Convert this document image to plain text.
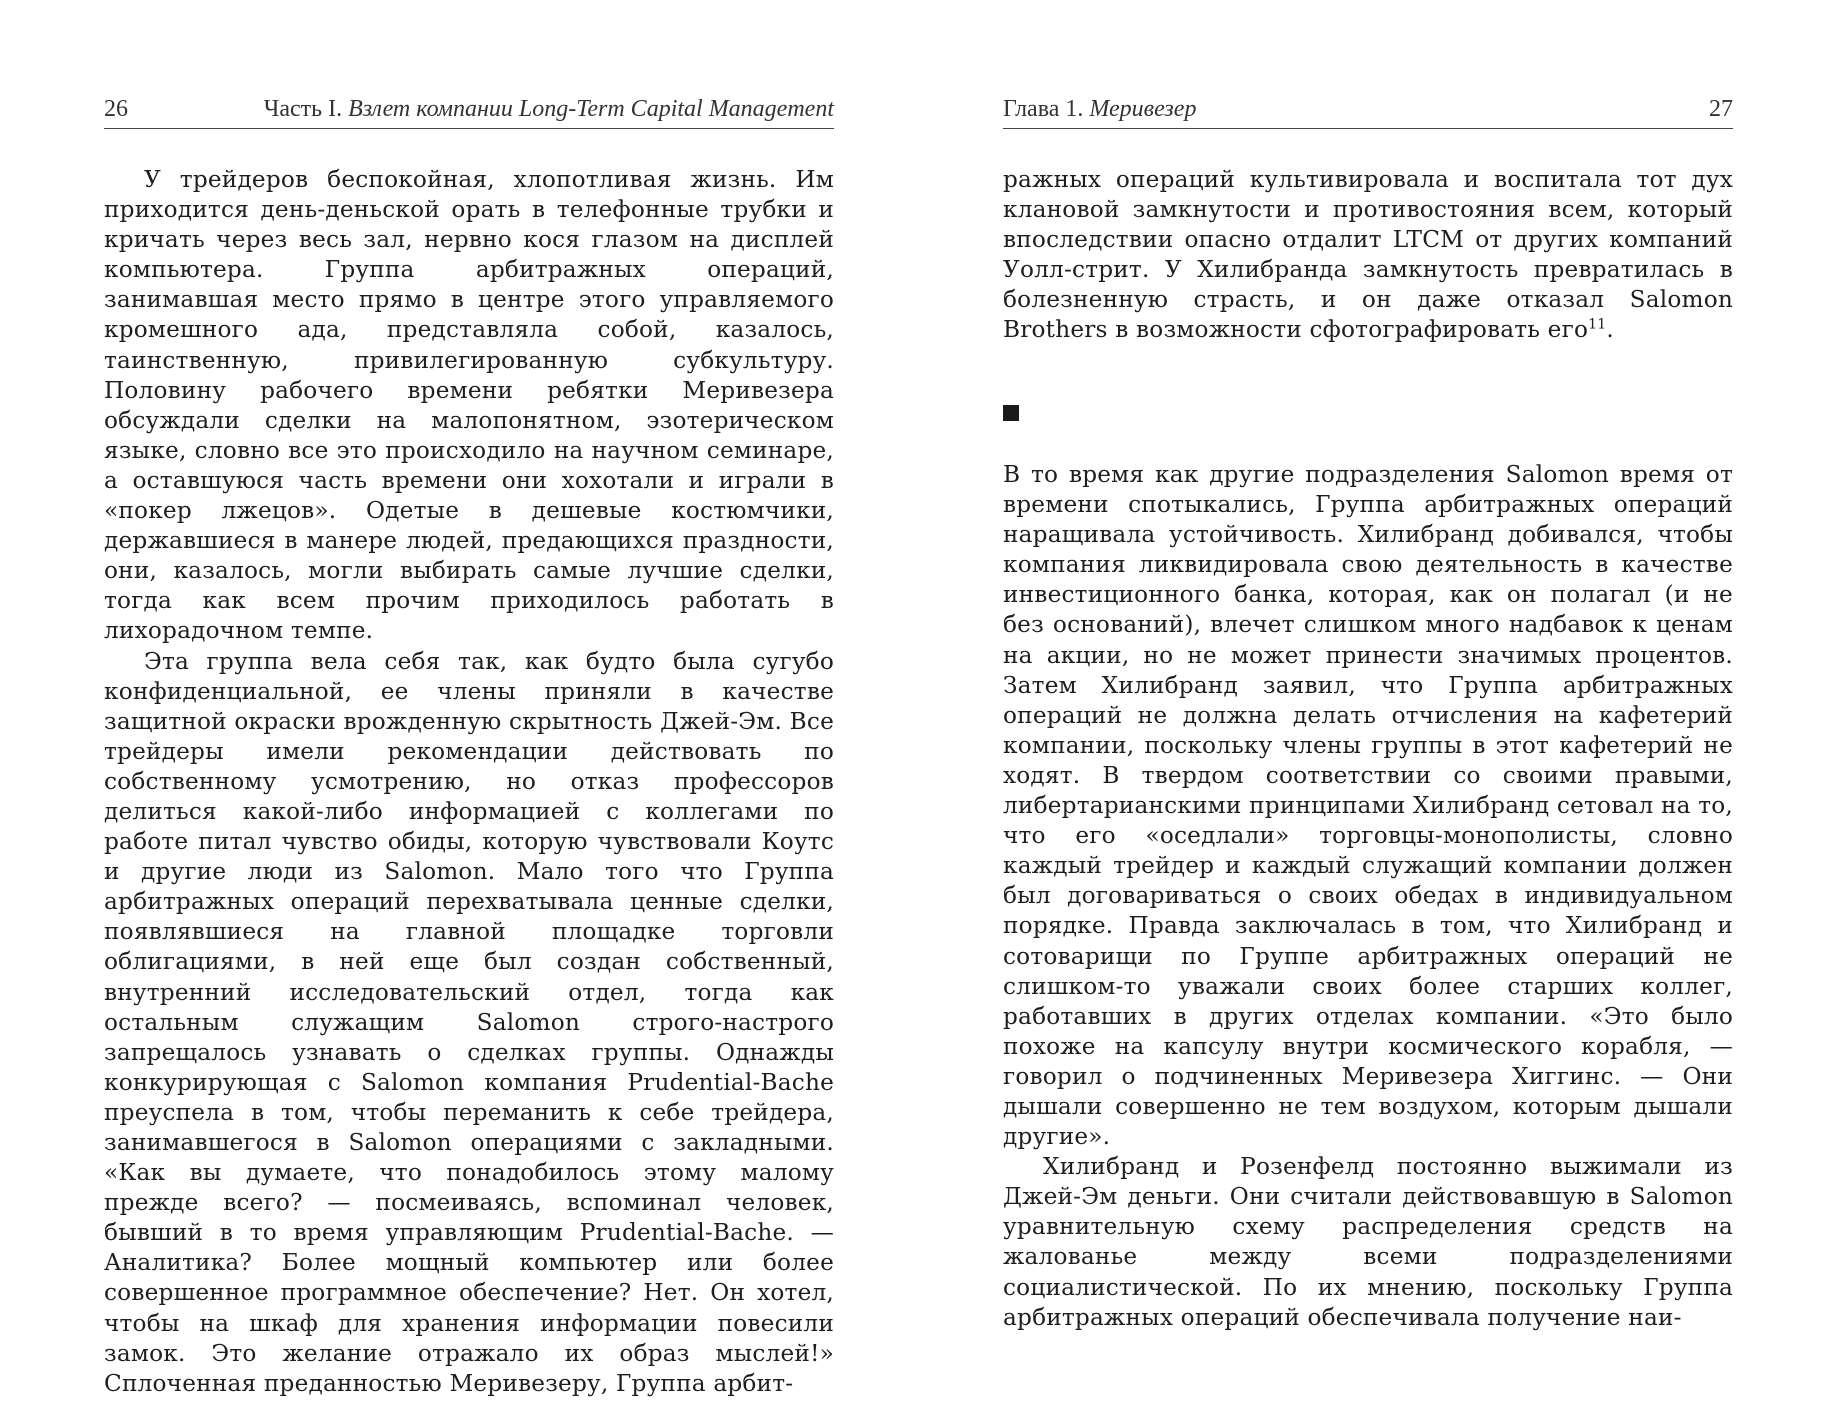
26	Часть I. Взлет компании Long-Term Capital Management

У трейдеров беспокойная, хлопотливая жизнь. Им приходится день-деньской орать в телефонные трубки и кричать через весь зал, нервно кося глазом на дисплей компьютера. Группа арбитражных операций, занимавшая место прямо в центре этого управляемого кромешного ада, представляла собой, казалось, таинственную, привилегированную субкультуру. Половину рабочего времени ребятки Меривезера обсуждали сделки на малопонятном, эзотерическом языке, словно все это происходило на научном семинаре, а оставшуюся часть времени они хохотали и играли в «покер лжецов». Одетые в дешевые костюмчики, державшиеся в манере людей, предающихся праздности, они, казалось, могли выбирать самые лучшие сделки, тогда как всем прочим приходилось работать в лихорадочном темпе.

Эта группа вела себя так, как будто была сугубо конфиденциальной, ее члены приняли в качестве защитной окраски врожденную скрытность Джей-Эм. Все трейдеры имели рекомендации действовать по собственному усмотрению, но отказ профессоров делиться какой-либо информацией с коллегами по работе питал чувство обиды, которую чувствовали Коутс и другие люди из Salomon. Мало того что Группа арбитражных операций перехватывала ценные сделки, появлявшиеся на главной площадке торговли облигациями, в ней еще был создан собственный, внутренний исследовательский отдел, тогда как остальным служащим Salomon строго-настрого запрещалось узнавать о сделках группы. Однажды конкурирующая с Salomon компания Prudential-Bache преуспела в том, чтобы переманить к себе трейдера, занимавшегося в Salomon операциями с закладными. «Как вы думаете, что понадобилось этому малому прежде всего? — посмеиваясь, вспоминал человек, бывший в то время управляющим Prudential-Bache. — Аналитика? Более мощный компьютер или более совершенное программное обеспечение? Нет. Он хотел, чтобы на шкаф для хранения информации повесили замок. Это желание отражало их образ мыслей!» Сплоченная преданностью Меривезеру, Группа арбит-

Глава 1. Меривезер	27

ражных операций культивировала и воспитала тот дух клановой замкнутости и противостояния всем, который впоследствии опасно отдалит LTCM от других компаний Уолл-стрит. У Хилибранда замкнутость превратилась в болезненную страсть, и он даже отказал Salomon Brothers в возможности сфотографировать его$^{11}$.

В то время как другие подразделения Salomon время от времени спотыкались, Группа арбитражных операций наращивала устойчивость. Хилибранд добивался, чтобы компания ликвидировала свою деятельность в качестве инвестиционного банка, которая, как он полагал (и не без оснований), влечет слишком много надбавок к ценам на акции, но не может принести значимых процентов. Затем Хилибранд заявил, что Группа арбитражных операций не должна делать отчисления на кафетерий компании, поскольку члены группы в этот кафетерий не ходят. В твердом соответствии со своими правыми, либертарианскими принципами Хилибранд сетовал на то, что его «оседлали» торговцы-монополисты, словно каждый трейдер и каждый служащий компании должен был договариваться о своих обедах в индивидуальном порядке. Правда заключалась в том, что Хилибранд и сотоварищи по Группе арбитражных операций не слишком-то уважали своих более старших коллег, работавших в других отделах компании. «Это было похоже на капсулу внутри космического корабля, — говорил о подчиненных Меривезера Хиггинс. — Они дышали совершенно не тем воздухом, которым дышали другие».

Хилибранд и Розенфелд постоянно выжимали из Джей-Эм деньги. Они считали действовавшую в Salomon уравнительную схему распределения средств на жалованье между всеми подразделениями социалистической. По их мнению, поскольку Группа арбитражных операций обеспечивала получение наи-
